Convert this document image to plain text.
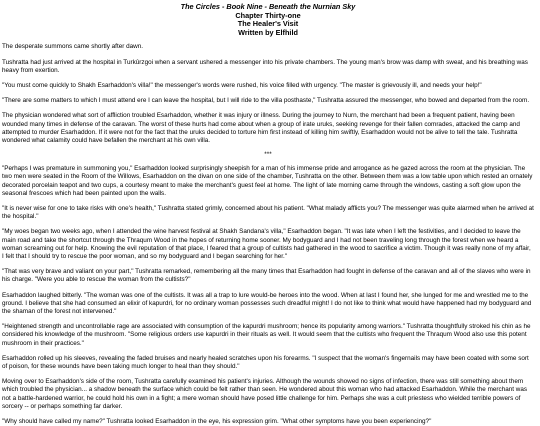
The Circles - Book Nine - Beneath the Nurnian Sky
Chapter Thirty-one
The Healer's Visit
Written by Elfhild

The desperate summons came shortly after dawn.

Tushratta had just arrived at the hospital in Turkûrzgoi when a servant ushered a messenger into his private chambers. The young man's brow was damp with sweat, and his breathing was heavy from exertion.

"You must come quickly to Shakh Esarhaddon's villa!" the messenger's words were rushed, his voice filled with urgency. "The master is grievously ill, and needs your help!"

"There are some matters to which I must attend ere I can leave the hospital, but I will ride to the villa posthaste," Tushratta assured the messenger, who bowed and departed from the room.

The physician wondered what sort of affliction troubled Esarhaddon, whether it was injury or illness. During the journey to Nurn, the merchant had been a frequent patient, having been wounded many times in defense of the caravan. The worst of these hurts had come about when a group of irate uruks, seeking revenge for their fallen comrades, attacked the camp and attempted to murder Esarhaddon. If it were not for the fact that the uruks decided to torture him first instead of killing him swiftly, Esarhaddon would not be alive to tell the tale. Tushratta wondered what calamity could have befallen the merchant at his own villa.

***

"Perhaps I was premature in summoning you," Esarhaddon looked surprisingly sheepish for a man of his immense pride and arrogance as he gazed across the room at the physician. The two men were seated in the Room of the Willows, Esarhaddon on the divan on one side of the chamber, Tushratta on the other. Between them was a low table upon which rested an ornately decorated porcelain teapot and two cups, a courtesy meant to make the merchant's guest feel at home. The light of late morning came through the windows, casting a soft glow upon the seasonal frescoes which had been painted upon the walls.

"It is never wise for one to take risks with one's health," Tushratta stated grimly, concerned about his patient. "What malady afflicts you? The messenger was quite alarmed when he arrived at the hospital."

"My woes began two weeks ago, when I attended the wine harvest festival at Shakh Sandana's villa," Esarhaddon began. "It was late when I left the festivities, and I decided to leave the main road and take the shortcut through the Thraqum Wood in the hopes of returning home sooner. My bodyguard and I had not been traveling long through the forest when we heard a woman screaming out for help. Knowing the evil reputation of that place, I feared that a group of cultists had gathered in the wood to sacrifice a victim. Though it was really none of my affair, I felt that I should try to rescue the poor woman, and so my bodyguard and I began searching for her."

"That was very brave and valiant on your part," Tushratta remarked, remembering all the many times that Esarhaddon had fought in defense of the caravan and all of the slaves who were in his charge. "Were you able to rescue the woman from the cultists?"

Esarhaddon laughed bitterly. "The woman was one of the cultists. It was all a trap to lure would-be heroes into the wood. When at last I found her, she lunged for me and wrestled me to the ground. I believe that she had consumed an elixir of kapurdri, for no ordinary woman possesses such dreadful might! I do not like to think what would have happened had my bodyguard and the shaman of the forest not intervened."

"Heightened strength and uncontrollable rage are associated with consumption of the kapurdri mushroom; hence its popularity among warriors." Tushratta thoughtfully stroked his chin as he considered his knowledge of the mushroom. "Some religious orders use kapurdri in their rituals as well. It would seem that the cultists who frequent the Thraqum Wood also use this potent mushroom in their practices."

Esarhaddon rolled up his sleeves, revealing the faded bruises and nearly healed scratches upon his forearms. "I suspect that the woman's fingernails may have been coated with some sort of poison, for these wounds have been taking much longer to heal than they should."

Moving over to Esarhaddon's side of the room, Tushratta carefully examined his patient's injuries. Although the wounds showed no signs of infection, there was still something about them which troubled the physician... a shadow beneath the surface which could be felt rather than seen. He wondered about this woman who had attacked Esarhaddon. While the merchant was not a battle-hardened warrior, he could hold his own in a fight; a mere woman should have posed little challenge for him. Perhaps she was a cult priestess who wielded terrible powers of sorcery -- or perhaps something far darker.

"Why should have called my name?" Tushratta looked Esarhaddon in the eye, his expression grim. "What other symptoms have you been experiencing?"
